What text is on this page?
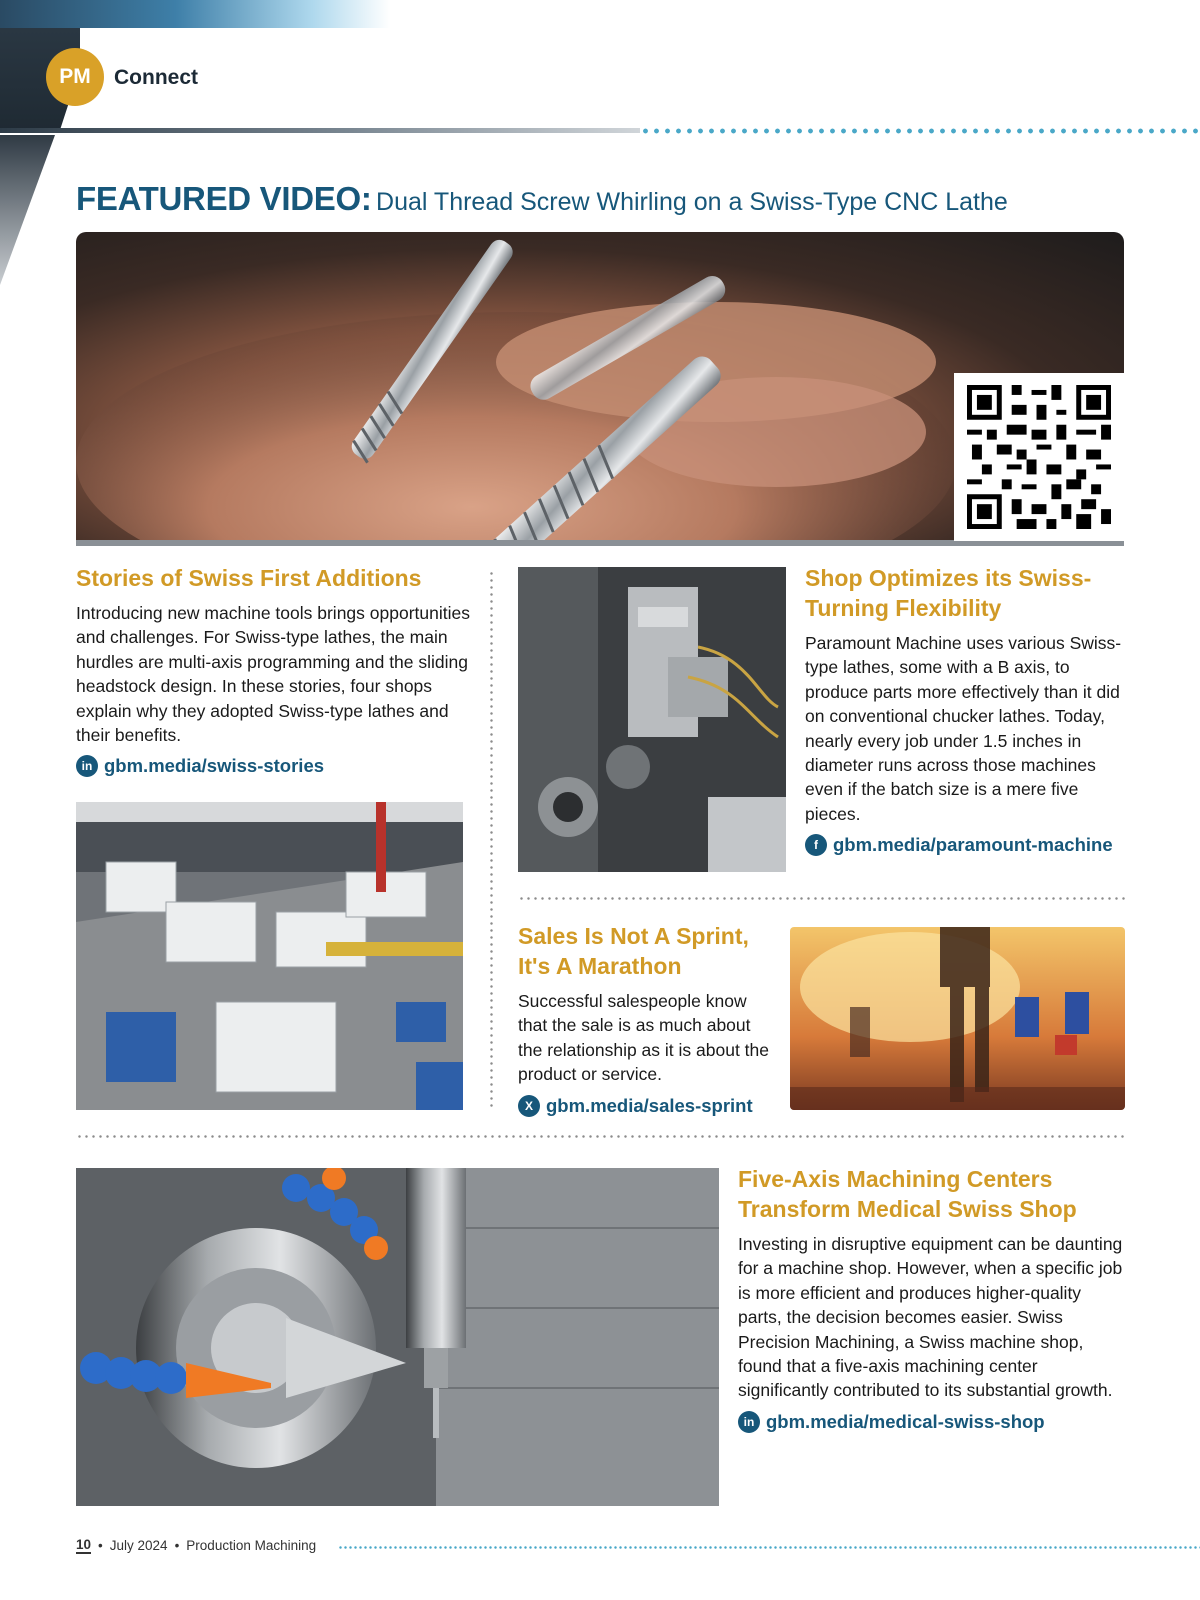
PM	Connect
FEATURED VIDEO: Dual Thread Screw Whirling on a Swiss-Type CNC Lathe
Stories of Swiss First Additions
Introducing new machine tools brings opportunities and challenges. For Swiss-type lathes, the main hurdles are multi-axis programming and the sliding headstock design. In these stories, four shops explain why they adopted Swiss-type lathes and their benefits.
in gbm.media/swiss-stories
Shop Optimizes its Swiss-Turning Flexibility
Paramount Machine uses various Swiss-type lathes, some with a B axis, to produce parts more effectively than it did on conventional chucker lathes. Today, nearly every job under 1.5 inches in diameter runs across those machines even if the batch size is a mere five pieces.
f gbm.media/paramount-machine
Sales Is Not A Sprint, It's A Marathon
Successful salespeople know that the sale is as much about the relationship as it is about the product or service.
X gbm.media/sales-sprint
Five-Axis Machining Centers Transform Medical Swiss Shop
Investing in disruptive equipment can be daunting for a machine shop. However, when a specific job is more efficient and produces higher-quality parts, the decision becomes easier. Swiss Precision Machining, a Swiss machine shop, found that a five-axis machining center significantly contributed to its substantial growth.
in gbm.media/medical-swiss-shop
10 • July 2024 • Production Machining
